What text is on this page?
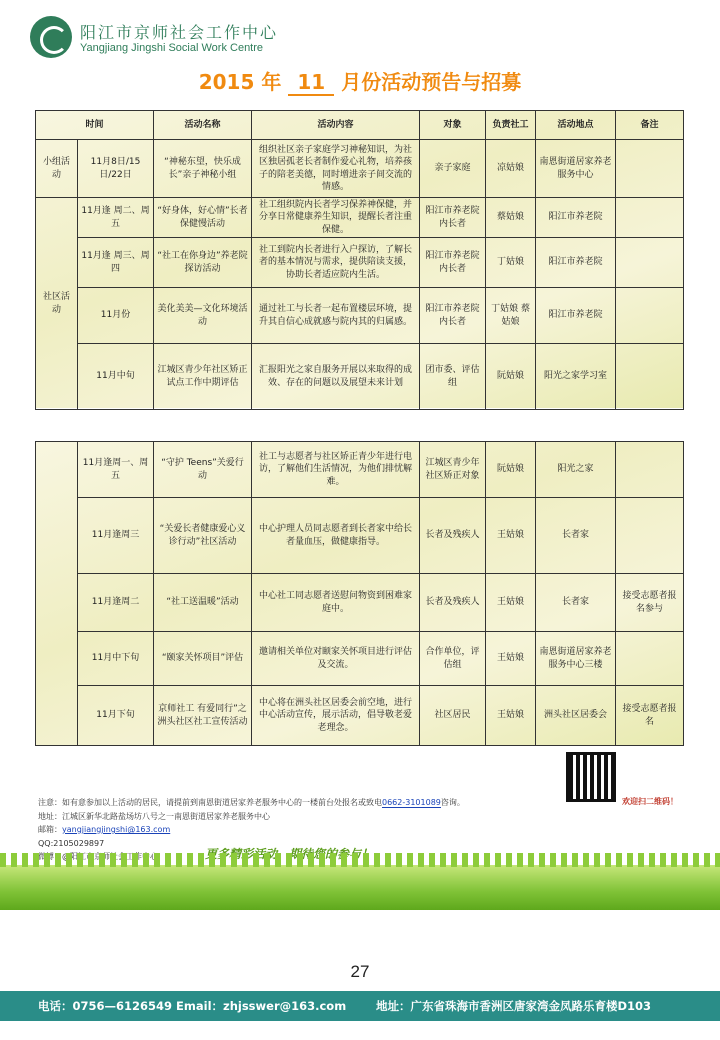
阳江市京师社会工作中心
Yangjiang Jingshi Social Work Centre
2015 年 11 月份活动预告与招募
时间		活动名称	活动内容	对象	负责社工	活动地点	备注
小组活动	11月8日/15日/22日	“神秘东望，快乐成长”亲子神秘小组	组织社区亲子家庭学习神秘知识，为社区独居孤老长者制作爱心礼物，培养孩子的陪老美德，同时增进亲子间交流的情感。	亲子家庭	凉姑娘	南恩街道居家养老服务中心	
社区活动	11月逢 周二、周五	“好身体，好心情”长者保健慢活动	社工组织院内长者学习保养神保健，并分享日常健康养生知识，提醒长者注重保健。	阳江市养老院内长者	蔡姑娘	阳江市养老院	
	11月逢 周三、周四	“社工在你身边”养老院探访活动	社工到院内长者进行入户探访，了解长者的基本情况与需求，提供陪读支援，协助长者适应院内生活。	阳江市养老院内长者	丁姑娘	阳江市养老院	
	11月份	美化美美—文化环境活动	通过社工与长者一起布置楼层环境，提升其自信心成就感与院内其的归属感。	阳江市养老院内长者	丁姑娘 蔡姑娘	阳江市养老院	
	11月中旬	江城区青少年社区矫正试点工作中期评估	汇报阳光之家自服务开展以来取得的成效、存在的问题以及展望未来计划	团市委、评估组	阮姑娘	阳光之家学习室	
	11月逢周一、周五	“守护 Teens”关爱行动	社工与志愿者与社区矫正青少年进行电访，了解他们生活情况，为他们排忧解难。	江城区青少年社区矫正对象	阮姑娘	阳光之家	
	11月逢周三	“关爱长者健康爱心义诊行动”社区活动	中心护理人员同志愿者到长者家中给长者量血压，做健康指导。	长者及残疾人	王姑娘	长者家	
	11月逢周二	“社工送温暖”活动	中心社工同志愿者送慰问物资到困难家庭中。	长者及残疾人	王姑娘	长者家	接受志愿者报名参与
	11月中下旬	“颐家关怀项目”评估	邀请相关单位对颐家关怀项目进行评估及交流。	合作单位，评估组	王姑娘	南恩街道居家养老服务中心三楼	
	11月下旬	京师社工 有爱同行”之洲头社区社工宣传活动	中心将在洲头社区居委会前空地，进行中心活动宣传，展示活动，倡导敬老爱老理念。	社区居民	王姑娘	洲头社区居委会	接受志愿者报名
欢迎扫二维码！
注意：如有意参加以上活动的居民，请提前到南恩街道居家养老服务中心的一楼前台处报名或致电0662-3101089咨询。
地址：江城区新华北路盐场坊八号之一南恩街道居家养老服务中心
邮箱：yangjiangjingshi@163.com
QQ:2105029897
27
电话：0756—6126549 Email：zhjsswer@163.com	地址：广东省珠海市香洲区唐家湾金凤路乐育楼D103
